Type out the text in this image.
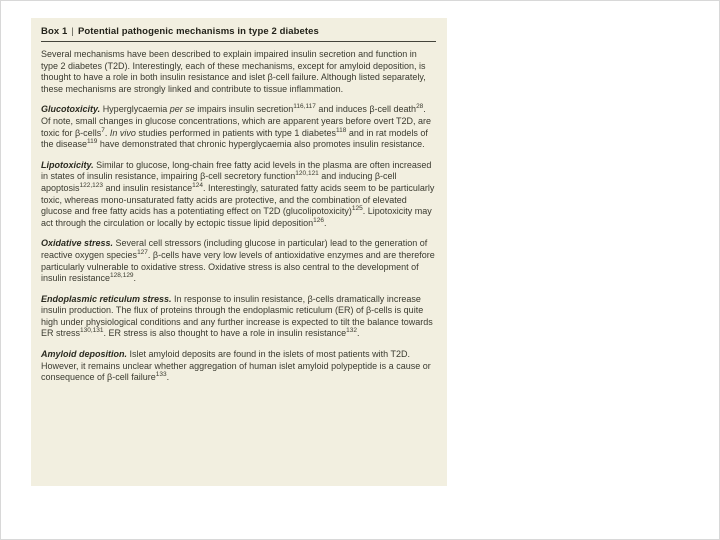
Box 1 | Potential pathogenic mechanisms in type 2 diabetes

Several mechanisms have been described to explain impaired insulin secretion and function in type 2 diabetes (T2D). Interestingly, each of these mechanisms, except for amyloid deposition, is thought to have a role in both insulin resistance and islet β-cell failure. Although listed separately, these mechanisms are strongly linked and contribute to tissue inflammation.

Glucotoxicity. Hyperglycaemia per se impairs insulin secretion$^{116,117}$ and induces β-cell death$^{28}$. Of note, small changes in glucose concentrations, which are apparent years before overt T2D, are toxic for β-cells$^7$. In vivo studies performed in patients with type 1 diabetes$^{118}$ and in rat models of the disease$^{119}$ have demonstrated that chronic hyperglycaemia also promotes insulin resistance.

Lipotoxicity. Similar to glucose, long-chain free fatty acid levels in the plasma are often increased in states of insulin resistance, impairing β-cell secretory function$^{120,121}$ and inducing β-cell apoptosis$^{122,123}$ and insulin resistance$^{124}$. Interestingly, saturated fatty acids seem to be particularly toxic, whereas mono-unsaturated fatty acids are protective, and the combination of elevated glucose and free fatty acids has a potentiating effect on T2D (glucolipotoxicity)$^{125}$. Lipotoxicity may act through the circulation or locally by ectopic tissue lipid deposition$^{126}$.

Oxidative stress. Several cell stressors (including glucose in particular) lead to the generation of reactive oxygen species$^{127}$. β-cells have very low levels of antioxidative enzymes and are therefore particularly vulnerable to oxidative stress. Oxidative stress is also central to the development of insulin resistance$^{128,129}$.

Endoplasmic reticulum stress. In response to insulin resistance, β-cells dramatically increase insulin production. The flux of proteins through the endoplasmic reticulum (ER) of β-cells is quite high under physiological conditions and any further increase is expected to tilt the balance towards ER stress$^{130,131}$. ER stress is also thought to have a role in insulin resistance$^{132}$.

Amyloid deposition. Islet amyloid deposits are found in the islets of most patients with T2D. However, it remains unclear whether aggregation of human islet amyloid polypeptide is a cause or consequence of β-cell failure$^{133}$.
